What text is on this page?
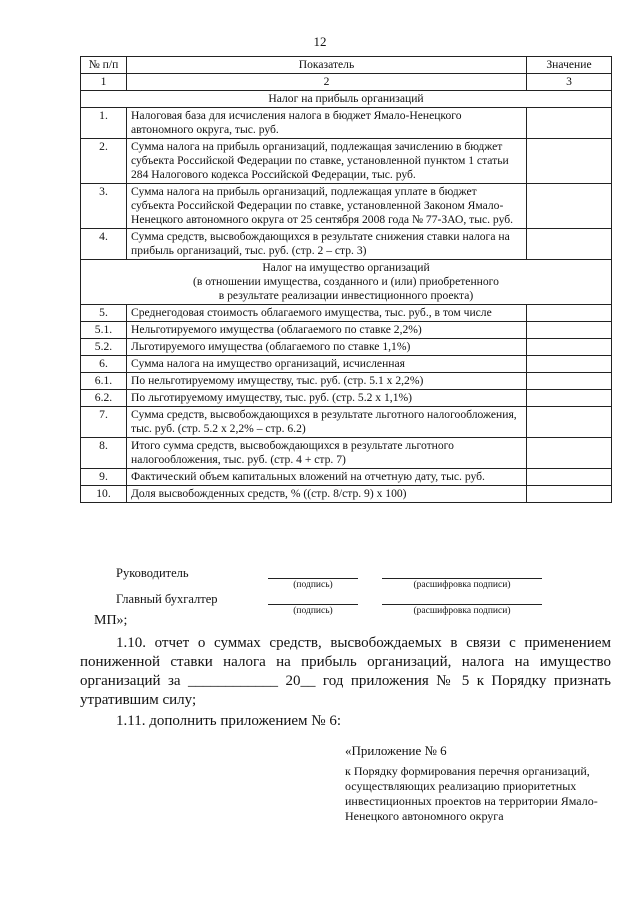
12
№ п/п	Показатель	Значение
1	2	3
Налог на прибыль организаций		
1.	Налоговая база для исчисления налога в бюджет Ямало-Ненецкого автономного округа, тыс. руб.	
2.	Сумма налога на прибыль организаций, подлежащая зачислению в бюджет субъекта Российской Федерации по ставке, установленной пунктом 1 статьи 284 Налогового кодекса Российской Федерации, тыс. руб.	
3.	Сумма налога на прибыль организаций, подлежащая уплате в бюджет субъекта Российской Федерации по ставке, установленной Законом Ямало-Ненецкого автономного округа от 25 сентября 2008 года № 77-ЗАО, тыс. руб.	
4.	Сумма средств, высвобождающихся в результате снижения ставки налога на прибыль организаций, тыс. руб. (стр. 2 – стр. 3)	

Налог на имущество организаций
(в отношении имущества, созданного и (или) приобретенного
в результате реализации инвестиционного проекта)		

5.	Среднегодовая стоимость облагаемого имущества, тыс. руб., в том числе	
5.1.	Нельготируемого имущества (облагаемого по ставке 2,2%)	
5.2.	Льготируемого имущества (облагаемого по ставке 1,1%)	
6.	Сумма налога на имущество организаций, исчисленная	
6.1.	По нельготируемому имуществу, тыс. руб. (стр. 5.1 х 2,2%)	
6.2.	По льготируемому имуществу, тыс. руб. (стр. 5.2 х 1,1%)	
7.	Сумма средств, высвобождающихся в результате льготного налогообложения, тыс. руб. (стр. 5.2 х 2,2% – стр. 6.2)	
8.	Итого сумма средств, высвобождающихся в результате льготного налогообложения, тыс. руб. (стр. 4 + стр. 7)	
9.	Фактический объем капитальных вложений на отчетную дату, тыс. руб.	
10.	Доля высвобожденных средств, % ((стр. 8/стр. 9) х 100)	
Руководитель
(подпись)	(расшифровка подписи)
Главный бухгалтер
(подпись)	(расшифровка подписи)
МП»;
1.10. отчет о суммах средств, высвобождаемых в связи с применением пониженной ставки налога на прибыль организаций, налога на имущество организаций за ____________ 20__ год приложения № 5 к Порядку признать утратившим силу;
1.11. дополнить приложением № 6:
«Приложение № 6
к Порядку формирования перечня организаций, осуществляющих реализацию приоритетных инвестиционных проектов на территории Ямало-Ненецкого автономного округа
